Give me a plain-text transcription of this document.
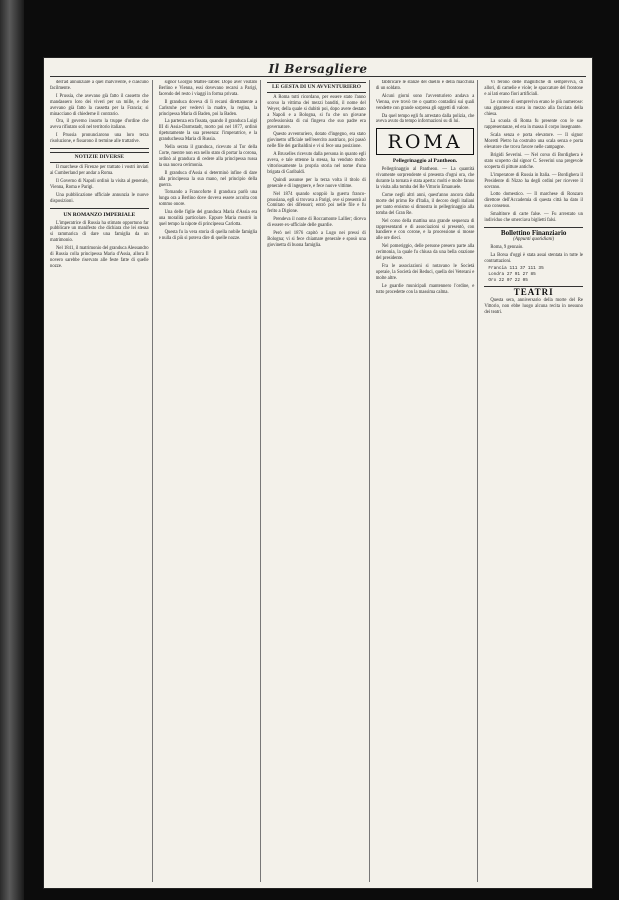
Il Bersagliere

dell'ad annunziare a quel malvivente, e ciascuno facilmente.

I Prussia, che avevano già fatto il cassetto che mandassero loro dei viveri per un mille, e che avevano già fatto la cassetta per la Francia; si minacciano di chiederne il contrario.

Ora, il governo insorto la truppe d'ordine che aveva rifiutato soli nel territorio italiano.

I Prussia pronunciarono una loro terza risoluzione, e fissarono il termine alle trattative.

NOTIZIE DIVERSE

Il marchese di Firenze per trattato i vostri inviati ai Cumberland per andar a Roma.

Il Governo di Napoli ordinò la visita al generale, Vienna, Roma e Parigi.

Una pubblicazione ufficiale annunzia le nuove disposizioni.

UN ROMANZO IMPERIALE

L'imperatrice di Russia ha stimato opportuno far pubblicare un manifesto che dichiara che lei stessa si rammarica di dare una famiglia da un matrimonio.

Nel 1841, il matrimonio del granduca Alessandro di Russia colla principessa Maria d'Assia, allora Il novero sarebbe riservato alle feste fatte di quelle nozze.

signor Giorgio Mattei-Tabler. Dopo aver visitato Berlino e Vienna, essi dovevano recarsi a Parigi, facendo del resto i viaggi in forma privata.

Il granduca doveva di lì recarsi direttamente a Carlsruhe per vedervi la madre, la regina, la principessa Maria di Baden, poi la Baden.

La partenza era fissata, quando il granduca Luigi III di Assia-Darmstadt, morto poi nel 1877, ordinò ripetutamente la sua presenza: l'imperatrice, e la granduchessa Maria di Russia.

Nella serata il granduca, ricevuto al Tor della Corte, mentre non era nello stato di portar la corona, ordinò al granduca di cedere alla principessa russa la sua nuova cerimonia.

Il granduca d'Assia si determinò infine di dare alla principessa la sua mano, nel principio della guerra.

Tornando a Francoforte il granduca parlò una lunga ora a Berlino dove doveva essere accolta con sommo onore.

Una delle figlie del granduca Maria d'Assia era una moralità particolare. Eppure Maria mostrò in quel tempo la nipote di principessa Carlotta.

Questa fu la vera storia di quella nobile famiglia e nulla di più si poteva dire di quelle nozze.

LE GESTA DI UN AVVENTURIERO

A Roma tutti ricordano, per essere stato l'anno scorso la vittima dei mezzi banditi, il nome del Weyer, della quale si dubitò poi, dopo avere destato a Napoli e a Bologna, si fu che un giovane professionista di cui fingeva che suo padre era governatore.

Questo avventuriero, dotato d'ingegno, era stato giovinetto ufficiale nell'esercito austriaco, poi passò nelle file dei garibaldini e vi si fece una posizione.

A Bruxelles ricevuto dalla persona in quanto egli aveva, e tale ottenne la stessa, ha venduto molto vittoriosamente la propria storia nel nome d'una brigata di Garibaldi.

Quindi assunse per la terza volta il titolo di generale e di ingegnere, e fece nuove vittime.

Nel 1874 quando scoppiò la guerra franco-prussiana, egli si trovava a Parigi, ove si presentò al Comitato dei difensori; entrò poi nelle file e fu ferito a Digione.

Prendeva il nome di Roccamonte Lallier; diceva di essere ex-ufficiale delle guardie.

Però nel 1876 capitò a Lugo nei pressi di Bologna; vi si fece chiamare generale e sposò una giovinetta di buona famiglia.

fabbricare le stanze del duello e della macchina di un soldato.

Alcuni giorni sono l'avventuriero andava a Vienna, ove trovò tre o quattro contadini sui quali vendette con grande sorpresa gli oggetti di valore.

Da quel tempo egli fu arrestato dalla polizia, che aveva avuto da tempo informazioni su di lui.

ROMA
Pellegrinaggio al Pantheon.

Pellegrinaggio al Pantheon. — La quantità vivamente sorprendente si presenta d'ogni ora, che durante la tornata è stata aperta: molti e molte fanno la visita alla tomba del Re Vittorio Emanuele.

Come negli altri anni, quest'anno ancora dalla morte del primo Re d'Italia, il decoro degli italiani per tanto eroismo si dimostra in pellegrinaggio alla tomba del Gran Re.

Nel corso della mattina una grande sequenza di rappresentanti e di associazioni si presentò, con bandiere e con corone, e la processione si mosse alle ore dieci.

Nel pomeriggio, delle persone presero parte alla cerimonia, la quale fu chiusa da una bella orazione del presidente.

Fra le associazioni si notavano le Società operaie, la Società dei Reduci, quella dei Veterani e molte altre.

Le guardie municipali mantennero l'ordine, e tutto procedette con la massima calma.

Vi ferono delle magnifiche di sempreviva, di allori, di camelie e viole; le spaccature del frontone e ai lati erano fiori artificiali.

Le corone di sempreviva erano le più numerose: una gigantesca stava in mezzo alla facciata della chiesa.

La scuola di Roma fu presente con le sue rappresentanze, ed era in massa il corpo insegnante.

Scala senza e porta elevatore. — Il signor Moretti Pietro ha costruito una scala senza e porta elevatore che trova favore nelle campagne.

Brigidi Severini. — Nel corso di Bordighera è stato scoperto dal signor C. Severini una pregevole scoperta di pitture antiche.

L'imperatore di Russia in Italia. — Bordighera il Presidente di Nizzo ha degli ordini per ricevere il sovrano.

Lotto domestico. — Il marchese di Ronzaro direttore dell'Accademia di questa città ha dato il suo consenso.

Smaltitore di carte false. — Fu arrestato un individuo che smerciava biglietti falsi.

Bollettino Finanziario
(Appunti quotidiani)

Roma, 9 gennaio.

La Borsa d'oggi è stata assai stentata in tutte le contrattazioni.

Francia 111 37 111 35
Londra 27 91 27 85
Oro 22 07 22 05
TEATRI

Questa sera, anniversario della morte del Re Vittorio, non ebbe luogo alcuna recita in nessuno dei teatri.
